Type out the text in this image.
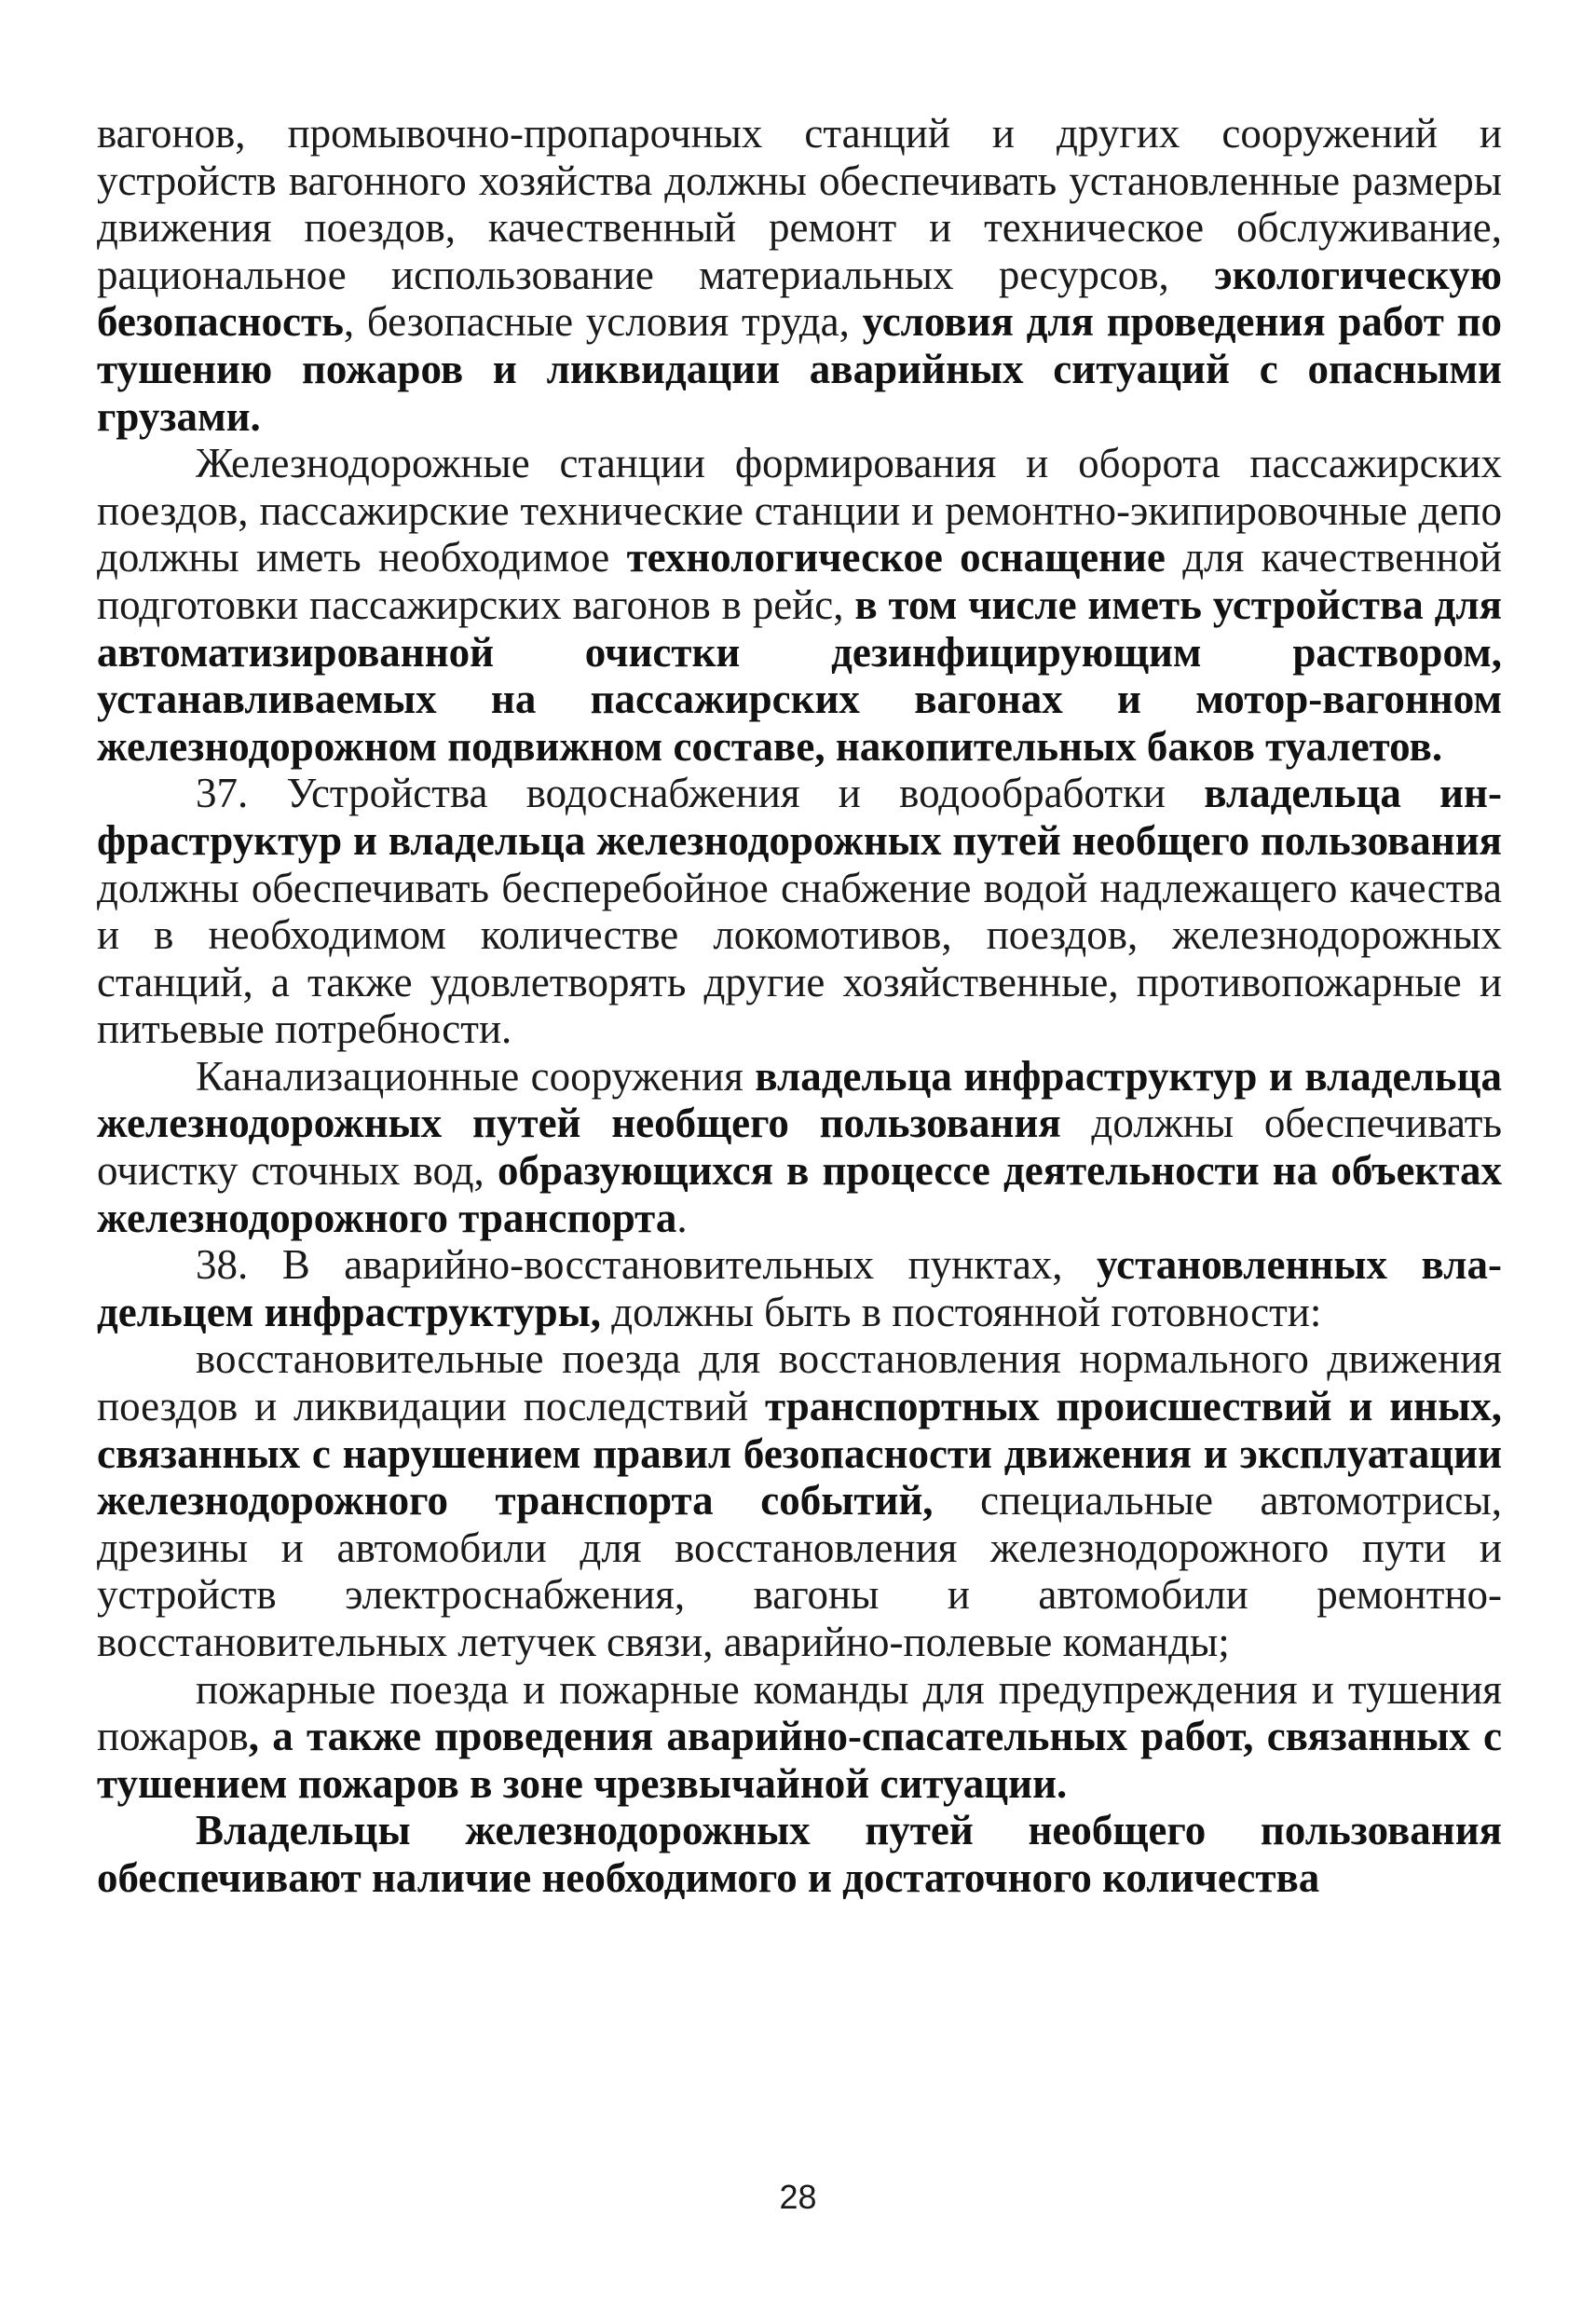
вагонов, промывочно-пропарочных станций и других сооружений и устройств вагонного хозяйства должны обеспечивать установленные размеры движения поездов, качественный ремонт и техническое обслуживание, рациональное использование материальных ресурсов, экологическую безопасность, безопасные условия труда, условия для проведения работ по тушению пожаров и ликвидации аварийных ситуаций с опасными грузами.

Железнодорожные станции формирования и оборота пассажирских поездов, пассажирские технические станции и ремонтно-экипировочные депо должны иметь необходимое технологическое оснащение для качественной подготовки пассажирских вагонов в рейс, в том числе иметь устройства для автоматизированной очистки дезинфицирующим раствором, устанавливаемых на пассажирских вагонах и мотор-вагонном железнодорожном подвижном составе, накопительных баков туалетов.

37. Устройства водоснабжения и водообработки владельца инфраструктур и владельца железнодорожных путей необщего пользования должны обеспечивать бесперебойное снабжение водой надлежащего качества и в необходимом количестве локомотивов, поездов, железнодорожных станций, а также удовлетворять другие хозяйственные, противопожарные и питьевые потребности.

Канализационные сооружения владельца инфраструктур и владельца железнодорожных путей необщего пользования должны обеспечивать очистку сточных вод, образующихся в процессе деятельности на объектах железнодорожного транспорта.

38. В аварийно-восстановительных пунктах, установленных владельцем инфраструктуры, должны быть в постоянной готовности:

восстановительные поезда для восстановления нормального движения поездов и ликвидации последствий транспортных происшествий и иных, связанных с нарушением правил безопасности движения и эксплуатации железнодорожного транспорта событий, специальные автомотрисы, дрезины и автомобили для восстановления железнодорожного пути и устройств электроснабжения, вагоны и автомобили ремонтно-восстановительных летучек связи, аварийно-полевые команды;

пожарные поезда и пожарные команды для предупреждения и тушения пожаров, а также проведения аварийно-спасательных работ, связанных с тушением пожаров в зоне чрезвычайной ситуации.

Владельцы железнодорожных путей необщего пользования обеспечивают наличие необходимого и достаточного количества

28
